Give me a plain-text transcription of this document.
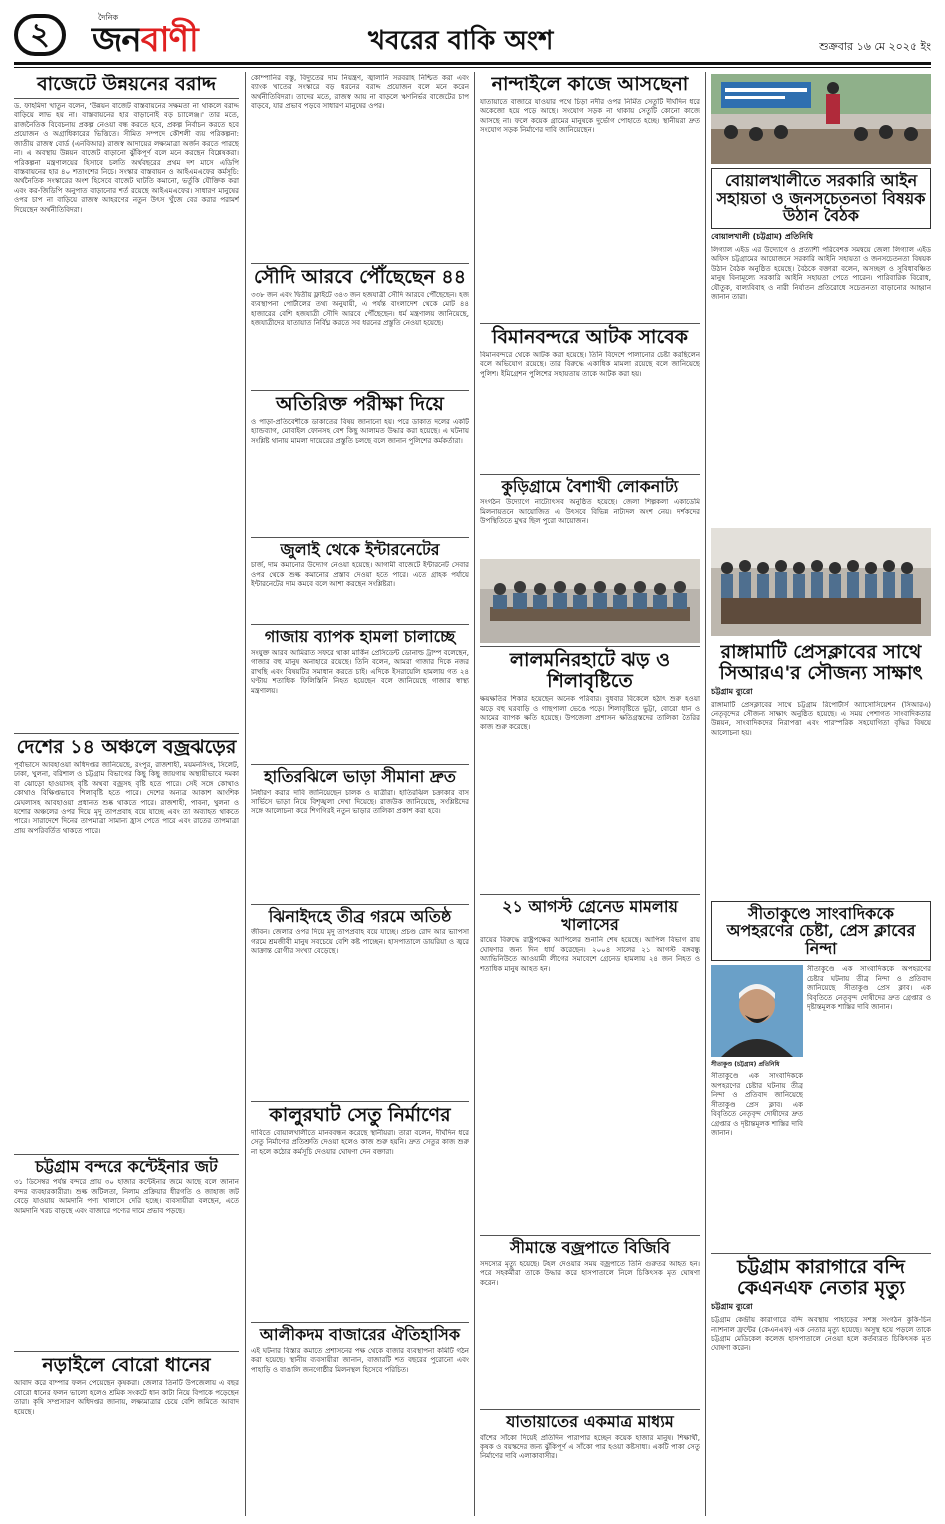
২	দৈনিক
জনবাণী	খবরের বাকি অংশ	শুক্রবার ১৬ মে ২০২৫ ইং
বাজেটে উন্নয়নের বরাদ্দ
ড. ফাহমিদা খাতুন বলেন, 'উন্নয়ন বাজেট বাস্তবায়নের সক্ষমতা না থাকলে বরাদ্দ বাড়িয়ে লাভ হয় না। বাস্তবায়নের হার বাড়ানোই বড় চ্যালেঞ্জ।' তার মতে, রাজনৈতিক বিবেচনায় প্রকল্প নেওয়া বন্ধ করতে হবে, প্রকল্প নির্বাচন করতে হবে প্রয়োজন ও অগ্রাধিকারের ভিত্তিতে। সীমিত সম্পদে কৌশলী ব্যয় পরিকল্পনা: জাতীয় রাজস্ব বোর্ড (এনবিআর) রাজস্ব আদায়ের লক্ষ্যমাত্রা অর্জন করতে পারছে না। এ অবস্থায় উন্নয়ন বাজেট বাড়ানো ঝুঁকিপূর্ণ বলে মনে করছেন বিশ্লেষকরা। পরিকল্পনা মন্ত্রণালয়ের হিসাবে চলতি অর্থবছরের প্রথম দশ মাসে এডিপি বাস্তবায়নের হার ৪০ শতাংশের নিচে। সংস্কার বাস্তবায়ন ও আইএমএফের কর্মসূচি: অর্থনৈতিক সংস্কারের অংশ হিসেবে বাজেট ঘাটতি কমানো, ভর্তুকি যৌক্তিক করা এবং কর-জিডিপি অনুপাত বাড়ানোর শর্ত রয়েছে আইএমএফের। সাধারণ মানুষের ওপর চাপ না বাড়িয়ে রাজস্ব আহরণের নতুন উৎস খুঁজে বের করার পরামর্শ দিয়েছেন অর্থনীতিবিদরা।
দেশের ১৪ অঞ্চলে বজ্রঝড়ের
পূর্বাভাসে আবহাওয়া অধিদপ্তর জানিয়েছে, রংপুর, রাজশাহী, ময়মনসিংহ, সিলেট, ঢাকা, খুলনা, বরিশাল ও চট্টগ্রাম বিভাগের কিছু কিছু জায়গায় অস্থায়ীভাবে দমকা বা ঝোড়ো হাওয়াসহ বৃষ্টি অথবা বজ্রসহ বৃষ্টি হতে পারে। সেই সঙ্গে কোথাও কোথাও বিক্ষিপ্তভাবে শিলাবৃষ্টি হতে পারে। দেশের অন্যত্র আকাশ আংশিক মেঘলাসহ আবহাওয়া প্রধানত শুষ্ক থাকতে পারে। রাজশাহী, পাবনা, খুলনা ও যশোর অঞ্চলের ওপর দিয়ে মৃদু তাপপ্রবাহ বয়ে যাচ্ছে এবং তা অব্যাহত থাকতে পারে। সারাদেশে দিনের তাপমাত্রা সামান্য হ্রাস পেতে পারে এবং রাতের তাপমাত্রা প্রায় অপরিবর্তিত থাকতে পারে।
চট্টগ্রাম বন্দরে কন্টেইনার জট
৩১ ডিসেম্বর পর্যন্ত বন্দরে প্রায় ৩০ হাজার কন্টেইনার জমে আছে বলে জানান বন্দর ব্যবহারকারীরা। শুল্ক জটিলতা, নিলাম প্রক্রিয়ার ধীরগতি ও জাহাজ জট বেড়ে যাওয়ায় আমদানি পণ্য খালাসে দেরি হচ্ছে। ব্যবসায়ীরা বলছেন, এতে আমদানি খরচ বাড়ছে এবং বাজারে পণ্যের দামে প্রভাব পড়ছে।
নড়াইলে বোরো ধানের
আবাদ করে বাম্পার ফলন পেয়েছেন কৃষকরা। জেলার তিনটি উপজেলায় এ বছর বোরো ধানের ফলন ভালো হলেও শ্রমিক সংকটে ধান কাটা নিয়ে বিপাকে পড়েছেন তারা। কৃষি সম্প্রসারণ অধিদপ্তর জানায়, লক্ষ্যমাত্রার চেয়ে বেশি জমিতে আবাদ হয়েছে।
কোম্পানির বস্তু, বিদ্যুতের দাম নিয়ন্ত্রণ, জ্বালানি সরবরাহ নিশ্চিত করা এবং ব্যাংক খাতের সংস্কারে বড় ধরনের বরাদ্দ প্রয়োজন বলে মনে করেন অর্থনীতিবিদরা। তাদের মতে, রাজস্ব আয় না বাড়লে ঋণনির্ভর বাজেটের চাপ বাড়বে, যার প্রভাব পড়বে সাধারণ মানুষের ওপর।
সৌদি আরবে পৌঁছেছেন ৪৪
৩৩৮ জন এবং দ্বিতীয় ফ্লাইটে ৩৪৩ জন হজযাত্রী সৌদি আরবে পৌঁছেছেন। হজ ব্যবস্থাপনা পোর্টালের তথ্য অনুযায়ী, এ পর্যন্ত বাংলাদেশ থেকে মোট ৪৪ হাজারের বেশি হজযাত্রী সৌদি আরবে পৌঁছেছেন। ধর্ম মন্ত্রণালয় জানিয়েছে, হজযাত্রীদের যাতায়াত নির্বিঘ্ন করতে সব ধরনের প্রস্তুতি নেওয়া হয়েছে।
অতিরিক্ত পরীক্ষা দিয়ে
ও পাড়া-প্রতিবেশীকে ডাকাতের বিষয় জানানো হয়। পরে ডাকাত দলের একটি হ্যান্ডব্যাগ, মোবাইল ফোনসহ বেশ কিছু আলামত উদ্ধার করা হয়েছে। এ ঘটনায় সংশ্লিষ্ট থানায় মামলা দায়েরের প্রস্তুতি চলছে বলে জানান পুলিশের কর্মকর্তারা।
জুলাই থেকে ইন্টারনেটের
চার্জ, দাম কমানোর উদ্যোগ নেওয়া হয়েছে। আগামী বাজেটে ইন্টারনেট সেবার ওপর থেকে শুল্ক কমানোর প্রস্তাব দেওয়া হতে পারে। এতে গ্রাহক পর্যায়ে ইন্টারনেটের দাম কমবে বলে আশা করছেন সংশ্লিষ্টরা।
গাজায় ব্যাপক হামলা চালাচ্ছে
সংযুক্ত আরব আমিরাত সফরে থাকা মার্কিন প্রেসিডেন্ট ডোনাল্ড ট্রাম্প বলেছেন, গাজার বহু মানুষ অনাহারে রয়েছে। তিনি বলেন, আমরা গাজার দিকে নজর রাখছি এবং বিষয়টির সমাধান করতে চাই। এদিকে ইসরায়েলি হামলায় গত ২৪ ঘণ্টায় শতাধিক ফিলিস্তিনি নিহত হয়েছেন বলে জানিয়েছে গাজার স্বাস্থ্য মন্ত্রণালয়।
হাতিরঝিলে ভাড়া সীমানা দ্রুত
নির্ধারণ করার দাবি জানিয়েছেন চালক ও যাত্রীরা। হাতিরঝিল চক্রাকার বাস সার্ভিসে ভাড়া নিয়ে বিশৃঙ্খলা দেখা দিয়েছে। রাজউক জানিয়েছে, সংশ্লিষ্টদের সঙ্গে আলোচনা করে শিগগিরই নতুন ভাড়ার তালিকা প্রকাশ করা হবে।
ঝিনাইদহে তীব্র গরমে অতিষ্ঠ
জীবন। জেলার ওপর দিয়ে মৃদু তাপপ্রবাহ বয়ে যাচ্ছে। প্রচণ্ড রোদ আর ভ্যাপসা গরমে শ্রমজীবী মানুষ সবচেয়ে বেশি কষ্ট পাচ্ছেন। হাসপাতালে ডায়রিয়া ও জ্বরে আক্রান্ত রোগীর সংখ্যা বেড়েছে।
কালুরঘাট সেতু নির্মাণের
দাবিতে বোয়ালখালীতে মানববন্ধন করেছে স্থানীয়রা। তারা বলেন, দীর্ঘদিন ধরে সেতু নির্মাণের প্রতিশ্রুতি দেওয়া হলেও কাজ শুরু হয়নি। দ্রুত সেতুর কাজ শুরু না হলে কঠোর কর্মসূচি দেওয়ার ঘোষণা দেন বক্তারা।
আলীকদম বাজারের ঐতিহাসিক
এই ঘটনার বিস্তার কমাতে প্রশাসনের পক্ষ থেকে বাজার ব্যবস্থাপনা কমিটি গঠন করা হয়েছে। স্থানীয় ব্যবসায়ীরা জানান, বাজারটি শত বছরের পুরোনো এবং পাহাড়ি ও বাঙালি জনগোষ্ঠীর মিলনস্থল হিসেবে পরিচিত।
নান্দাইলে কাজে আসছেনা
যাতায়াতে বাজারে যাওয়ার পথে চিড়া নদীর ওপর নির্মিত সেতুটি দীর্ঘদিন ধরে অকেজো হয়ে পড়ে আছে। সংযোগ সড়ক না থাকায় সেতুটি কোনো কাজে আসছে না। ফলে কয়েক গ্রামের মানুষকে দুর্ভোগ পোহাতে হচ্ছে। স্থানীয়রা দ্রুত সংযোগ সড়ক নির্মাণের দাবি জানিয়েছেন।
বিমানবন্দরে আটক সাবেক
বিমানবন্দরে থেকে আটক করা হয়েছে। তিনি বিদেশে পালানোর চেষ্টা করছিলেন বলে অভিযোগ রয়েছে। তার বিরুদ্ধে একাধিক মামলা রয়েছে বলে জানিয়েছে পুলিশ। ইমিগ্রেশন পুলিশের সহায়তায় তাকে আটক করা হয়।
কুড়িগ্রামে বৈশাখী লোকনাট্য
সংগঠন উদ্যোগে নাট্যোৎসব অনুষ্ঠিত হয়েছে। জেলা শিল্পকলা একাডেমি মিলনায়তনে আয়োজিত এ উৎসবে বিভিন্ন নাট্যদল অংশ নেয়। দর্শকদের উপস্থিতিতে মুখর ছিল পুরো আয়োজন।
লালমনিরহাটে ঝড় ও শিলাবৃষ্টিতে
ক্ষয়ক্ষতির শিকার হয়েছেন অনেক পরিবার। বুধবার বিকেলে হঠাৎ শুরু হওয়া ঝড়ে বহু ঘরবাড়ি ও গাছপালা ভেঙে পড়ে। শিলাবৃষ্টিতে ভুট্টা, বোরো ধান ও আমের ব্যাপক ক্ষতি হয়েছে। উপজেলা প্রশাসন ক্ষতিগ্রস্তদের তালিকা তৈরির কাজ শুরু করেছে।
২১ আগস্ট গ্রেনেড মামলায় খালাসের
রায়ের বিরুদ্ধে রাষ্ট্রপক্ষের আপিলের শুনানি শেষ হয়েছে। আপিল বিভাগ রায় ঘোষণার জন্য দিন ধার্য করেছেন। ২০০৪ সালের ২১ আগস্ট বঙ্গবন্ধু অ্যাভিনিউতে আওয়ামী লীগের সমাবেশে গ্রেনেড হামলায় ২৪ জন নিহত ও শতাধিক মানুষ আহত হন।
সীমান্তে বজ্রপাতে বিজিবি
সদস্যের মৃত্যু হয়েছে। টহল দেওয়ার সময় বজ্রপাতে তিনি গুরুতর আহত হন। পরে সহকর্মীরা তাকে উদ্ধার করে হাসপাতালে নিলে চিকিৎসক মৃত ঘোষণা করেন।
যাতায়াতের একমাত্র মাধ্যম
বাঁশের সাঁকো দিয়েই প্রতিদিন পারাপার হচ্ছেন কয়েক হাজার মানুষ। শিক্ষার্থী, কৃষক ও বয়স্কদের জন্য ঝুঁকিপূর্ণ এ সাঁকো পার হওয়া কষ্টসাধ্য। একটি পাকা সেতু নির্মাণের দাবি এলাকাবাসীর।
বোয়ালখালীতে সরকারি আইন সহায়তা ও জনসচেতনতা বিষয়ক উঠান বৈঠক
বোয়ালখালী (চট্টগ্রাম) প্রতিনিধি
লিগ্যাল এইড এর উদ্যোগে ও প্রত্যাশী পরিবেশক সমন্বয়ে জেলা লিগ্যাল এইড অফিস চট্টগ্রামের আয়োজনে সরকারি আইনি সহায়তা ও জনসচেতনতা বিষয়ক উঠান বৈঠক অনুষ্ঠিত হয়েছে। বৈঠকে বক্তারা বলেন, অসচ্ছল ও সুবিধাবঞ্চিত মানুষ বিনামূল্যে সরকারি আইনি সহায়তা পেতে পারেন। পারিবারিক বিরোধ, যৌতুক, বাল্যবিবাহ ও নারী নির্যাতন প্রতিরোধে সচেতনতা বাড়ানোর আহ্বান জানান তারা।
রাঙ্গামাটি প্রেসক্লাবের সাথে সিআরএ'র সৌজন্য সাক্ষাৎ
চট্টগ্রাম ব্যুরো
রাঙ্গামাটি প্রেসক্লাবের সাথে চট্টগ্রাম রিপোর্টার্স অ্যাসোসিয়েশন (সিআরএ) নেতৃবৃন্দের সৌজন্য সাক্ষাৎ অনুষ্ঠিত হয়েছে। এ সময় পেশাগত সাংবাদিকতার উন্নয়ন, সাংবাদিকদের নিরাপত্তা এবং পারস্পরিক সহযোগিতা বৃদ্ধির বিষয়ে আলোচনা হয়।
সীতাকুণ্ডে সাংবাদিককে অপহরণের চেষ্টা, প্রেস ক্লাবের নিন্দা
সীতাকুণ্ড (চট্টগ্রাম) প্রতিনিধি
সীতাকুণ্ডে এক সাংবাদিককে অপহরণের চেষ্টার ঘটনায় তীব্র নিন্দা ও প্রতিবাদ জানিয়েছে সীতাকুণ্ড প্রেস ক্লাব। এক বিবৃতিতে নেতৃবৃন্দ দোষীদের দ্রুত গ্রেপ্তার ও দৃষ্টান্তমূলক শাস্তির দাবি জানান।
সীতাকুণ্ডে এক সাংবাদিককে অপহরণের চেষ্টার ঘটনায় তীব্র নিন্দা ও প্রতিবাদ জানিয়েছে সীতাকুণ্ড প্রেস ক্লাব। এক বিবৃতিতে নেতৃবৃন্দ দোষীদের দ্রুত গ্রেপ্তার ও দৃষ্টান্তমূলক শাস্তির দাবি জানান।
চট্টগ্রাম কারাগারে বন্দি কেএনএফ নেতার মৃত্যু
চট্টগ্রাম ব্যুরো
চট্টগ্রাম কেন্দ্রীয় কারাগারে বন্দি অবস্থায় পাহাড়ের সশস্ত্র সংগঠন কুকি-চিন ন্যাশনাল ফ্রন্টের (কেএনএফ) এক নেতার মৃত্যু হয়েছে। অসুস্থ হয়ে পড়লে তাকে চট্টগ্রাম মেডিকেল কলেজ হাসপাতালে নেওয়া হলে কর্তব্যরত চিকিৎসক মৃত ঘোষণা করেন।
